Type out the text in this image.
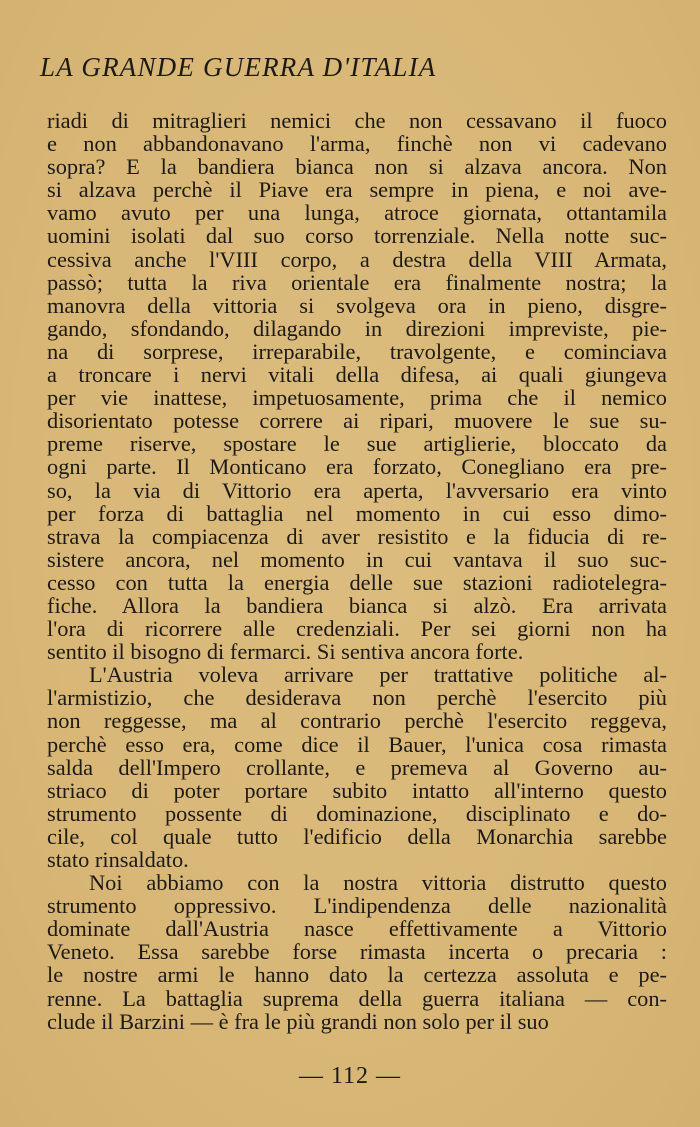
LA GRANDE GUERRA D'ITALIA
riadi di mitraglieri nemici che non cessavano il fuoco
e non abbandonavano l'arma, finchè non vi cadevano
sopra? E la bandiera bianca non si alzava ancora. Non
si alzava perchè il Piave era sempre in piena, e noi ave-
vamo avuto per una lunga, atroce giornata, ottantamila
uomini isolati dal suo corso torrenziale. Nella notte suc-
cessiva anche l'VIII corpo, a destra della VIII Armata,
passò; tutta la riva orientale era finalmente nostra; la
manovra della vittoria si svolgeva ora in pieno, disgre-
gando, sfondando, dilagando in direzioni impreviste, pie-
na di sorprese, irreparabile, travolgente, e cominciava
a troncare i nervi vitali della difesa, ai quali giungeva
per vie inattese, impetuosamente, prima che il nemico
disorientato potesse correre ai ripari, muovere le sue su-
preme riserve, spostare le sue artiglierie, bloccato da
ogni parte. Il Monticano era forzato, Conegliano era pre-
so, la via di Vittorio era aperta, l'avversario era vinto
per forza di battaglia nel momento in cui esso dimo-
strava la compiacenza di aver resistito e la fiducia di re-
sistere ancora, nel momento in cui vantava il suo suc-
cesso con tutta la energia delle sue stazioni radiotelegra-
fiche. Allora la bandiera bianca si alzò. Era arrivata
l'ora di ricorrere alle credenziali. Per sei giorni non ha
sentito il bisogno di fermarci. Si sentiva ancora forte.
L'Austria voleva arrivare per trattative politiche al-
l'armistizio, che desiderava non perchè l'esercito più
non reggesse, ma al contrario perchè l'esercito reggeva,
perchè esso era, come dice il Bauer, l'unica cosa rimasta
salda dell'Impero crollante, e premeva al Governo au-
striaco di poter portare subito intatto all'interno questo
strumento possente di dominazione, disciplinato e do-
cile, col quale tutto l'edificio della Monarchia sarebbe
stato rinsaldato.
Noi abbiamo con la nostra vittoria distrutto questo
strumento oppressivo. L'indipendenza delle nazionalità
dominate dall'Austria nasce effettivamente a Vittorio
Veneto. Essa sarebbe forse rimasta incerta o precaria :
le nostre armi le hanno dato la certezza assoluta e pe-
renne. La battaglia suprema della guerra italiana — con-
clude il Barzini — è fra le più grandi non solo per il suo
— 112 —
